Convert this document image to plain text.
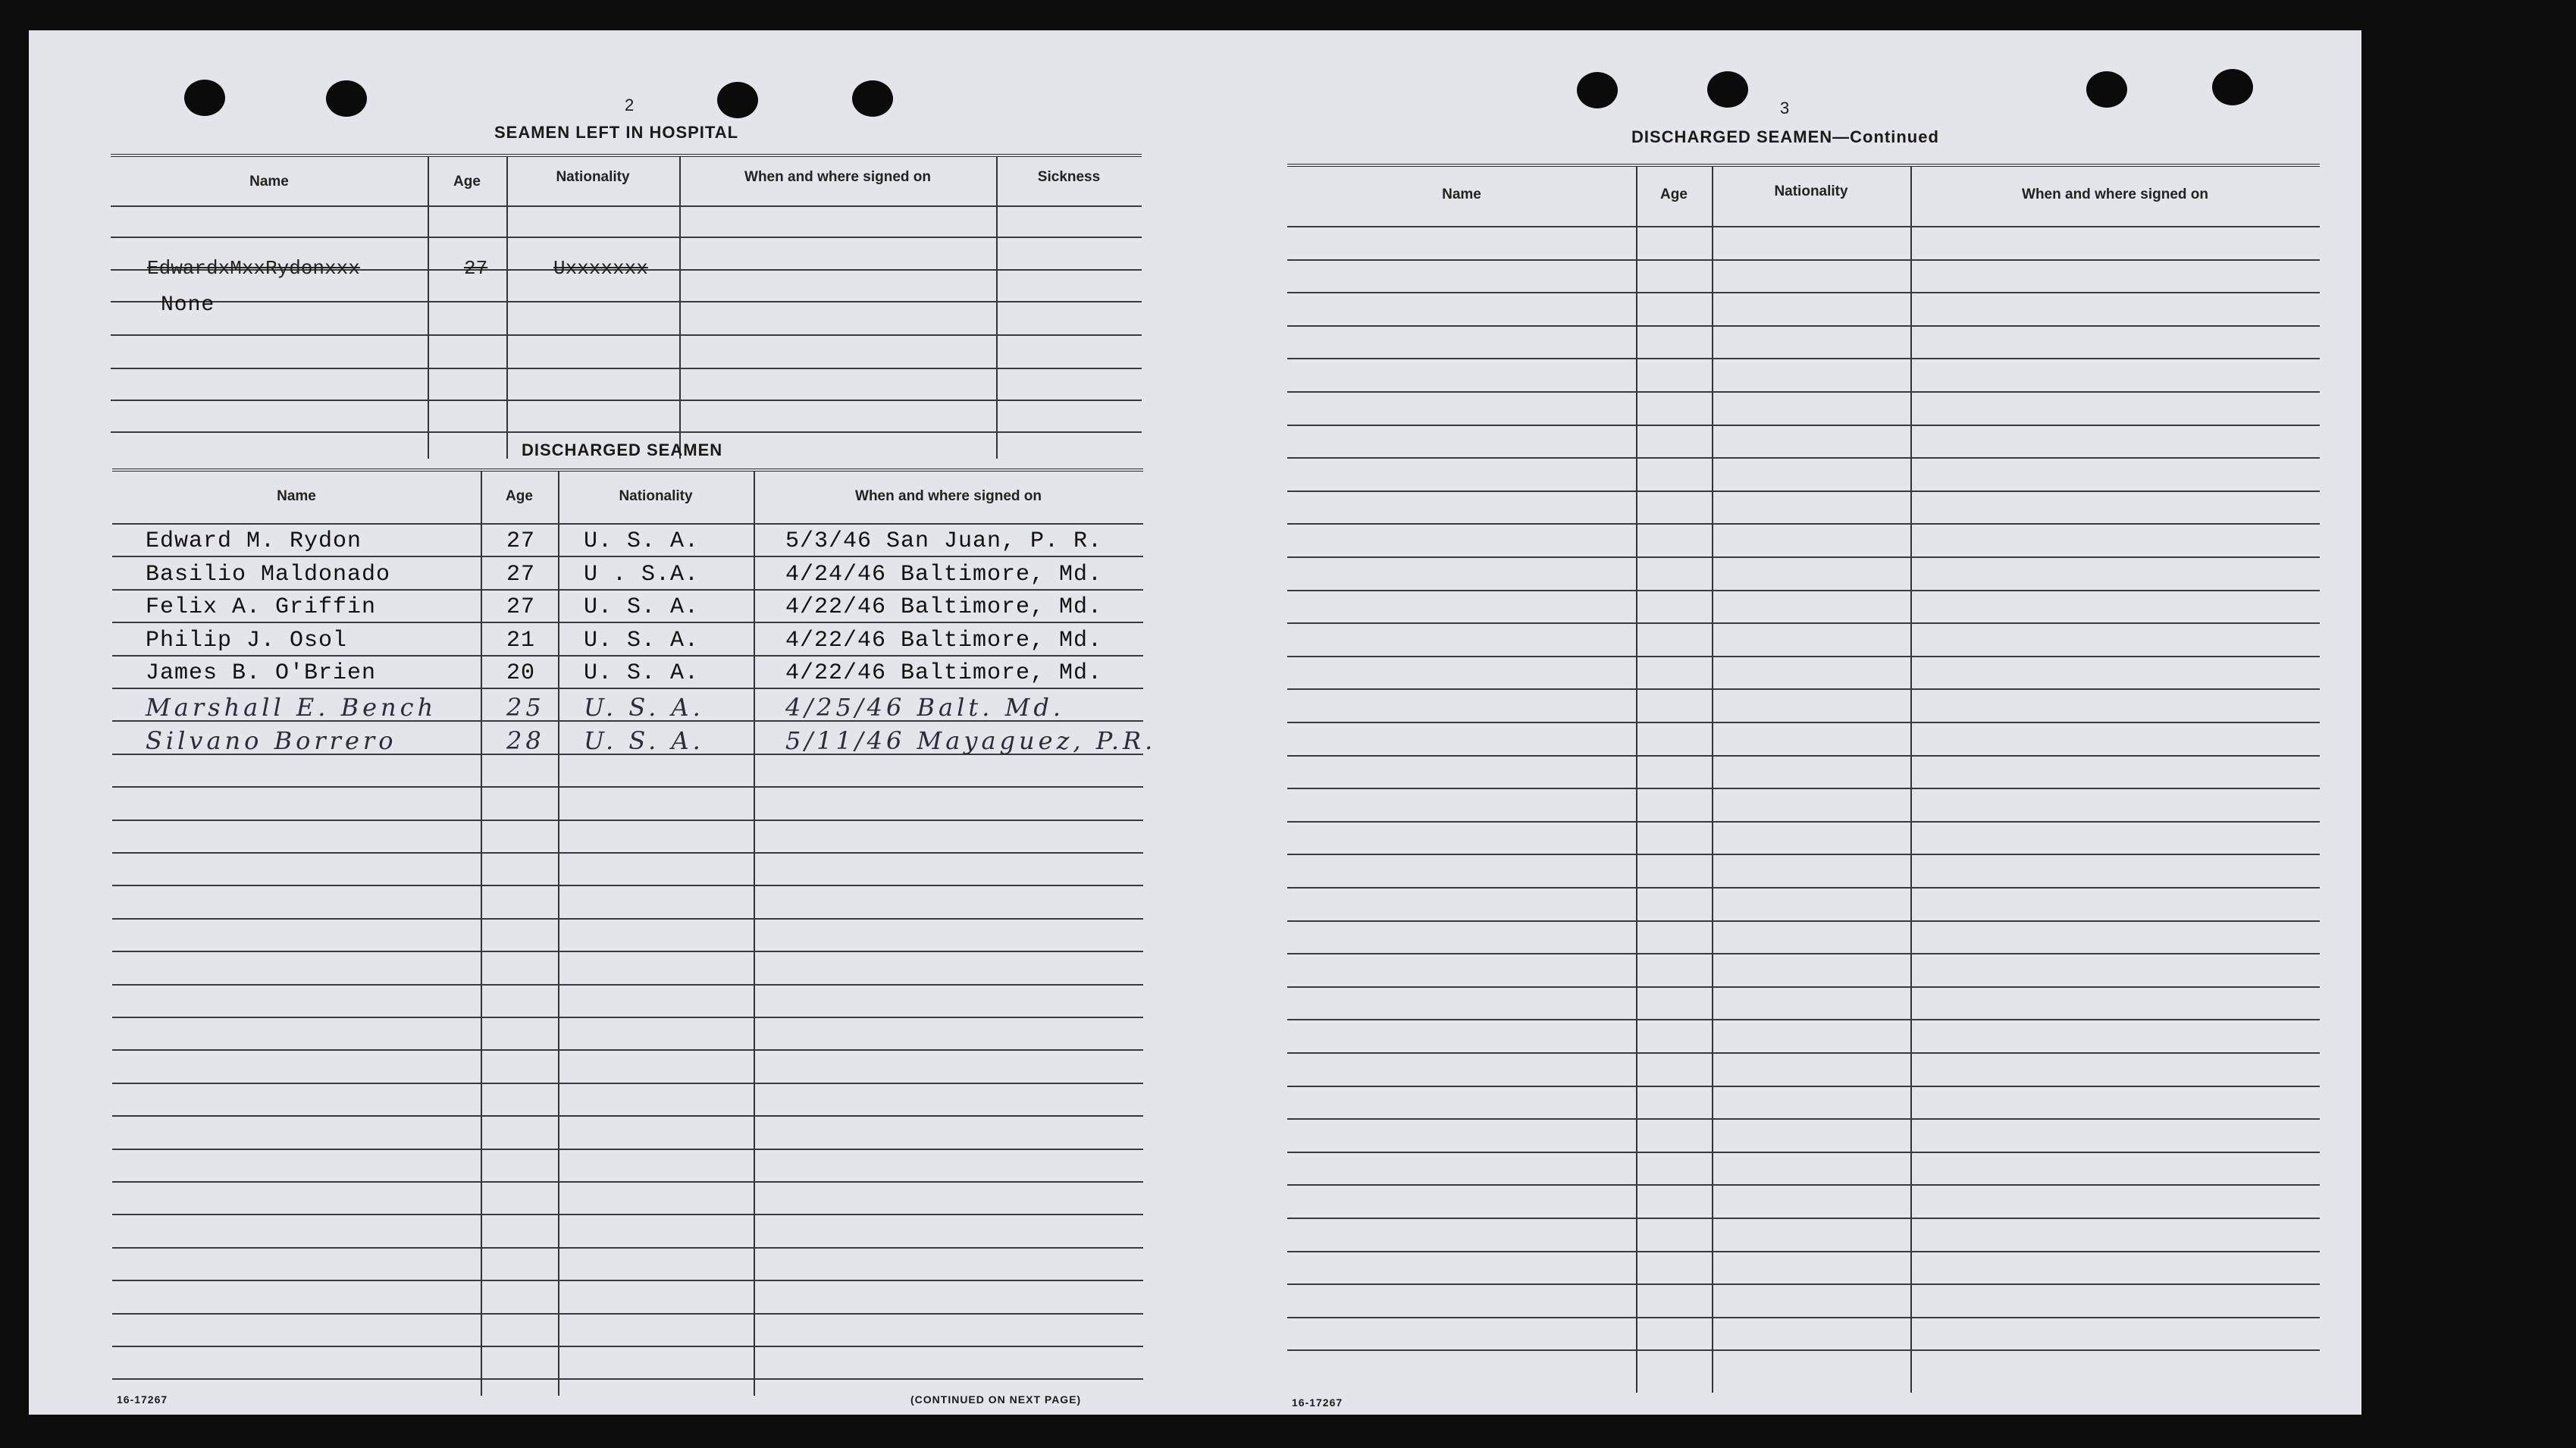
2
SEAMEN LEFT IN HOSPITAL
Name	Age	Nationality	When and where signed on	Sickness
EdwardxMxxRydonxxx	27	Uxxxxxxx
None
DISCHARGED SEAMEN
Name	Age	Nationality	When and where signed on
Edward M. Rydon	27 U. S. A.	5/3/46 San Juan, P. R.
Basilio Maldonado	27 U . S.A.	4/24/46 Baltimore, Md.
Felix A. Griffin	27 U. S. A.	4/22/46 Baltimore, Md.
Philip J. Osol	21 U. S. A.	4/22/46 Baltimore, Md.
James B. O'Brien	20 U. S. A.	4/22/46 Baltimore, Md.
Marshall E. Bench	25 U. S. A.	4/25/46 Balt. Md.
Silvano Borrero	28 U. S. A.	5/11/46 Mayaguez, P.R.
16-17267	(CONTINUED ON NEXT PAGE)
3
DISCHARGED SEAMEN—Continued
Name	Age	Nationality	When and where signed on
16-17267
